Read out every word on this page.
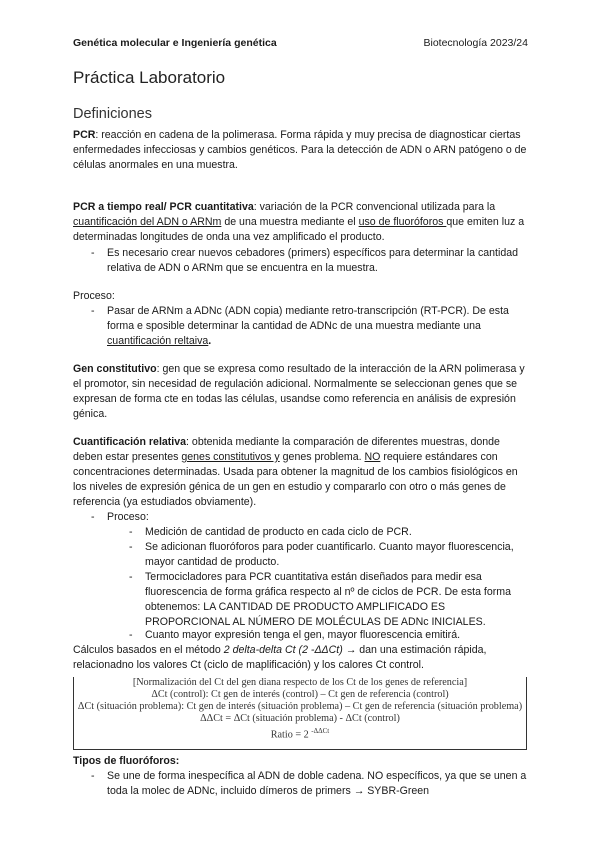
Genética molecular e Ingeniería genética	Biotecnología 2023/24
Práctica Laboratorio
Definiciones

PCR: reacción en cadena de la polimerasa. Forma rápida y muy precisa de diagnosticar ciertas enfermedades infecciosas y cambios genéticos. Para la detección de ADN o ARN patógeno o de células anormales en una muestra.

PCR a tiempo real/ PCR cuantitativa: variación de la PCR convencional utilizada para la cuantificación del ADN o ARNm de una muestra mediante el uso de fluoróforos que emiten luz a determinadas longitudes de onda una vez amplificado el producto.

- Es necesario crear nuevos cebadores (primers) específicos para determinar la cantidad relativa de ADN o ARNm que se encuentra en la muestra.

Proceso:

- Pasar de ARNm a ADNc (ADN copia) mediante retro-transcripción (RT-PCR). De esta forma e sposible determinar la cantidad de ADNc de una muestra mediante una cuantificación reltaiva.

Gen constitutivo: gen que se expresa como resultado de la interacción de la ARN polimerasa y el promotor, sin necesidad de regulación adicional. Normalmente se seleccionan genes que se expresan de forma cte en todas las células, usandse como referencia en análisis de expresión génica.

Cuantificación relativa: obtenida mediante la comparación de diferentes muestras, donde deben estar presentes genes constitutivos y genes problema. NO requiere estándares con concentraciones determinadas. Usada para obtener la magnitud de los cambios fisiológicos en los niveles de expresión génica de un gen en estudio y compararlo con otro o más genes de referencia (ya estudiados obviamente).

- Proceso:

- Medición de cantidad de producto en cada ciclo de PCR.

- Se adicionan fluoróforos para poder cuantificarlo. Cuanto mayor fluorescencia, mayor cantidad de producto.

- Termocicladores para PCR cuantitativa están diseñados para medir esa fluorescencia de forma gráfica respecto al nº de ciclos de PCR. De esta forma obtenemos: LA CANTIDAD DE PRODUCTO AMPLIFICADO ES PROPORCIONAL AL NÚMERO DE MOLÉCULAS DE ADNc INICIALES.

- Cuanto mayor expresión tenga el gen, mayor fluorescencia emitirá.

Cálculos basados en el método 2 delta-delta Ct (2 -ΔΔCt) → dan una estimación rápida, relacionadno los valores Ct (ciclo de maplificación) y los calores Ct control.

[Normalización del Ct del gen diana respecto de los Ct de los genes de referencia]
ΔCt (control): Ct gen de interés (control) – Ct gen de referencia (control)
ΔCt (situación problema): Ct gen de interés (situación problema) – Ct gen de referencia (situación problema)
ΔΔCt = ΔCt (situación problema) - ΔCt (control)
Ratio = 2 $^{-\Delta\Delta Ct}$

Tipos de fluoróforos:

- Se une de forma inespecífica al ADN de doble cadena. NO específicos, ya que se unen a toda la molec de ADNc, incluido dímeros de primers → SYBR-Green
